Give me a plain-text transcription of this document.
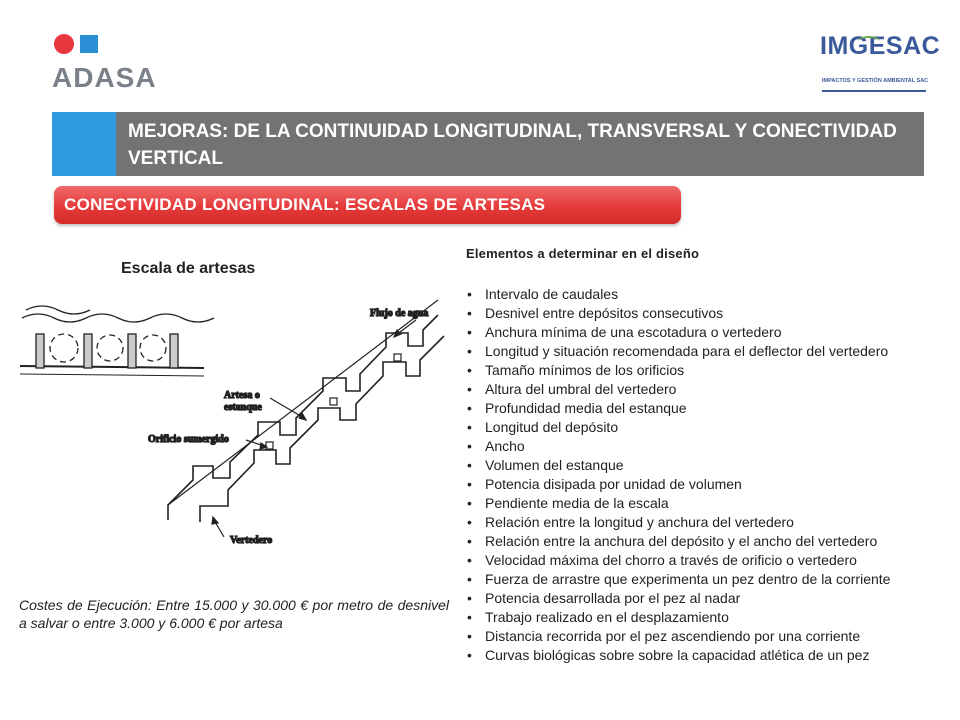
ADASA
IMGESAC
IMPACTOS Y GESTIÓN AMBIENTAL SAC
MEJORAS: DE LA CONTINUIDAD LONGITUDINAL, TRANSVERSAL Y CONECTIVIDAD VERTICAL
CONECTIVIDAD LONGITUDINAL: ESCALAS DE ARTESAS
Escala de artesas
Flujo de agua
Artesa o
estanque
Orificio sumergido
Vertedero
Costes de Ejecución: Entre 15.000 y 30.000 € por metro de desnivel a salvar o entre 3.000 y 6.000 € por artesa
Elementos a determinar en el diseño
• Intervalo de caudales
• Desnivel entre depósitos consecutivos
• Anchura mínima de una escotadura o vertedero
• Longitud y situación recomendada para el deflector del vertedero
• Tamaño mínimos de los orificios
• Altura del umbral del vertedero
• Profundidad media del estanque
• Longitud del depósito
• Ancho
• Volumen del estanque
• Potencia disipada por unidad de volumen
• Pendiente media de la escala
• Relación entre la longitud y anchura del vertedero
• Relación entre la anchura del depósito y el ancho del vertedero
• Velocidad máxima del chorro a través de orificio o vertedero
• Fuerza de arrastre que experimenta un pez dentro de la corriente
• Potencia desarrollada por el pez al nadar
• Trabajo realizado en el desplazamiento
• Distancia recorrida por el pez ascendiendo por una corriente
• Curvas biológicas sobre sobre la capacidad atlética de un pez
